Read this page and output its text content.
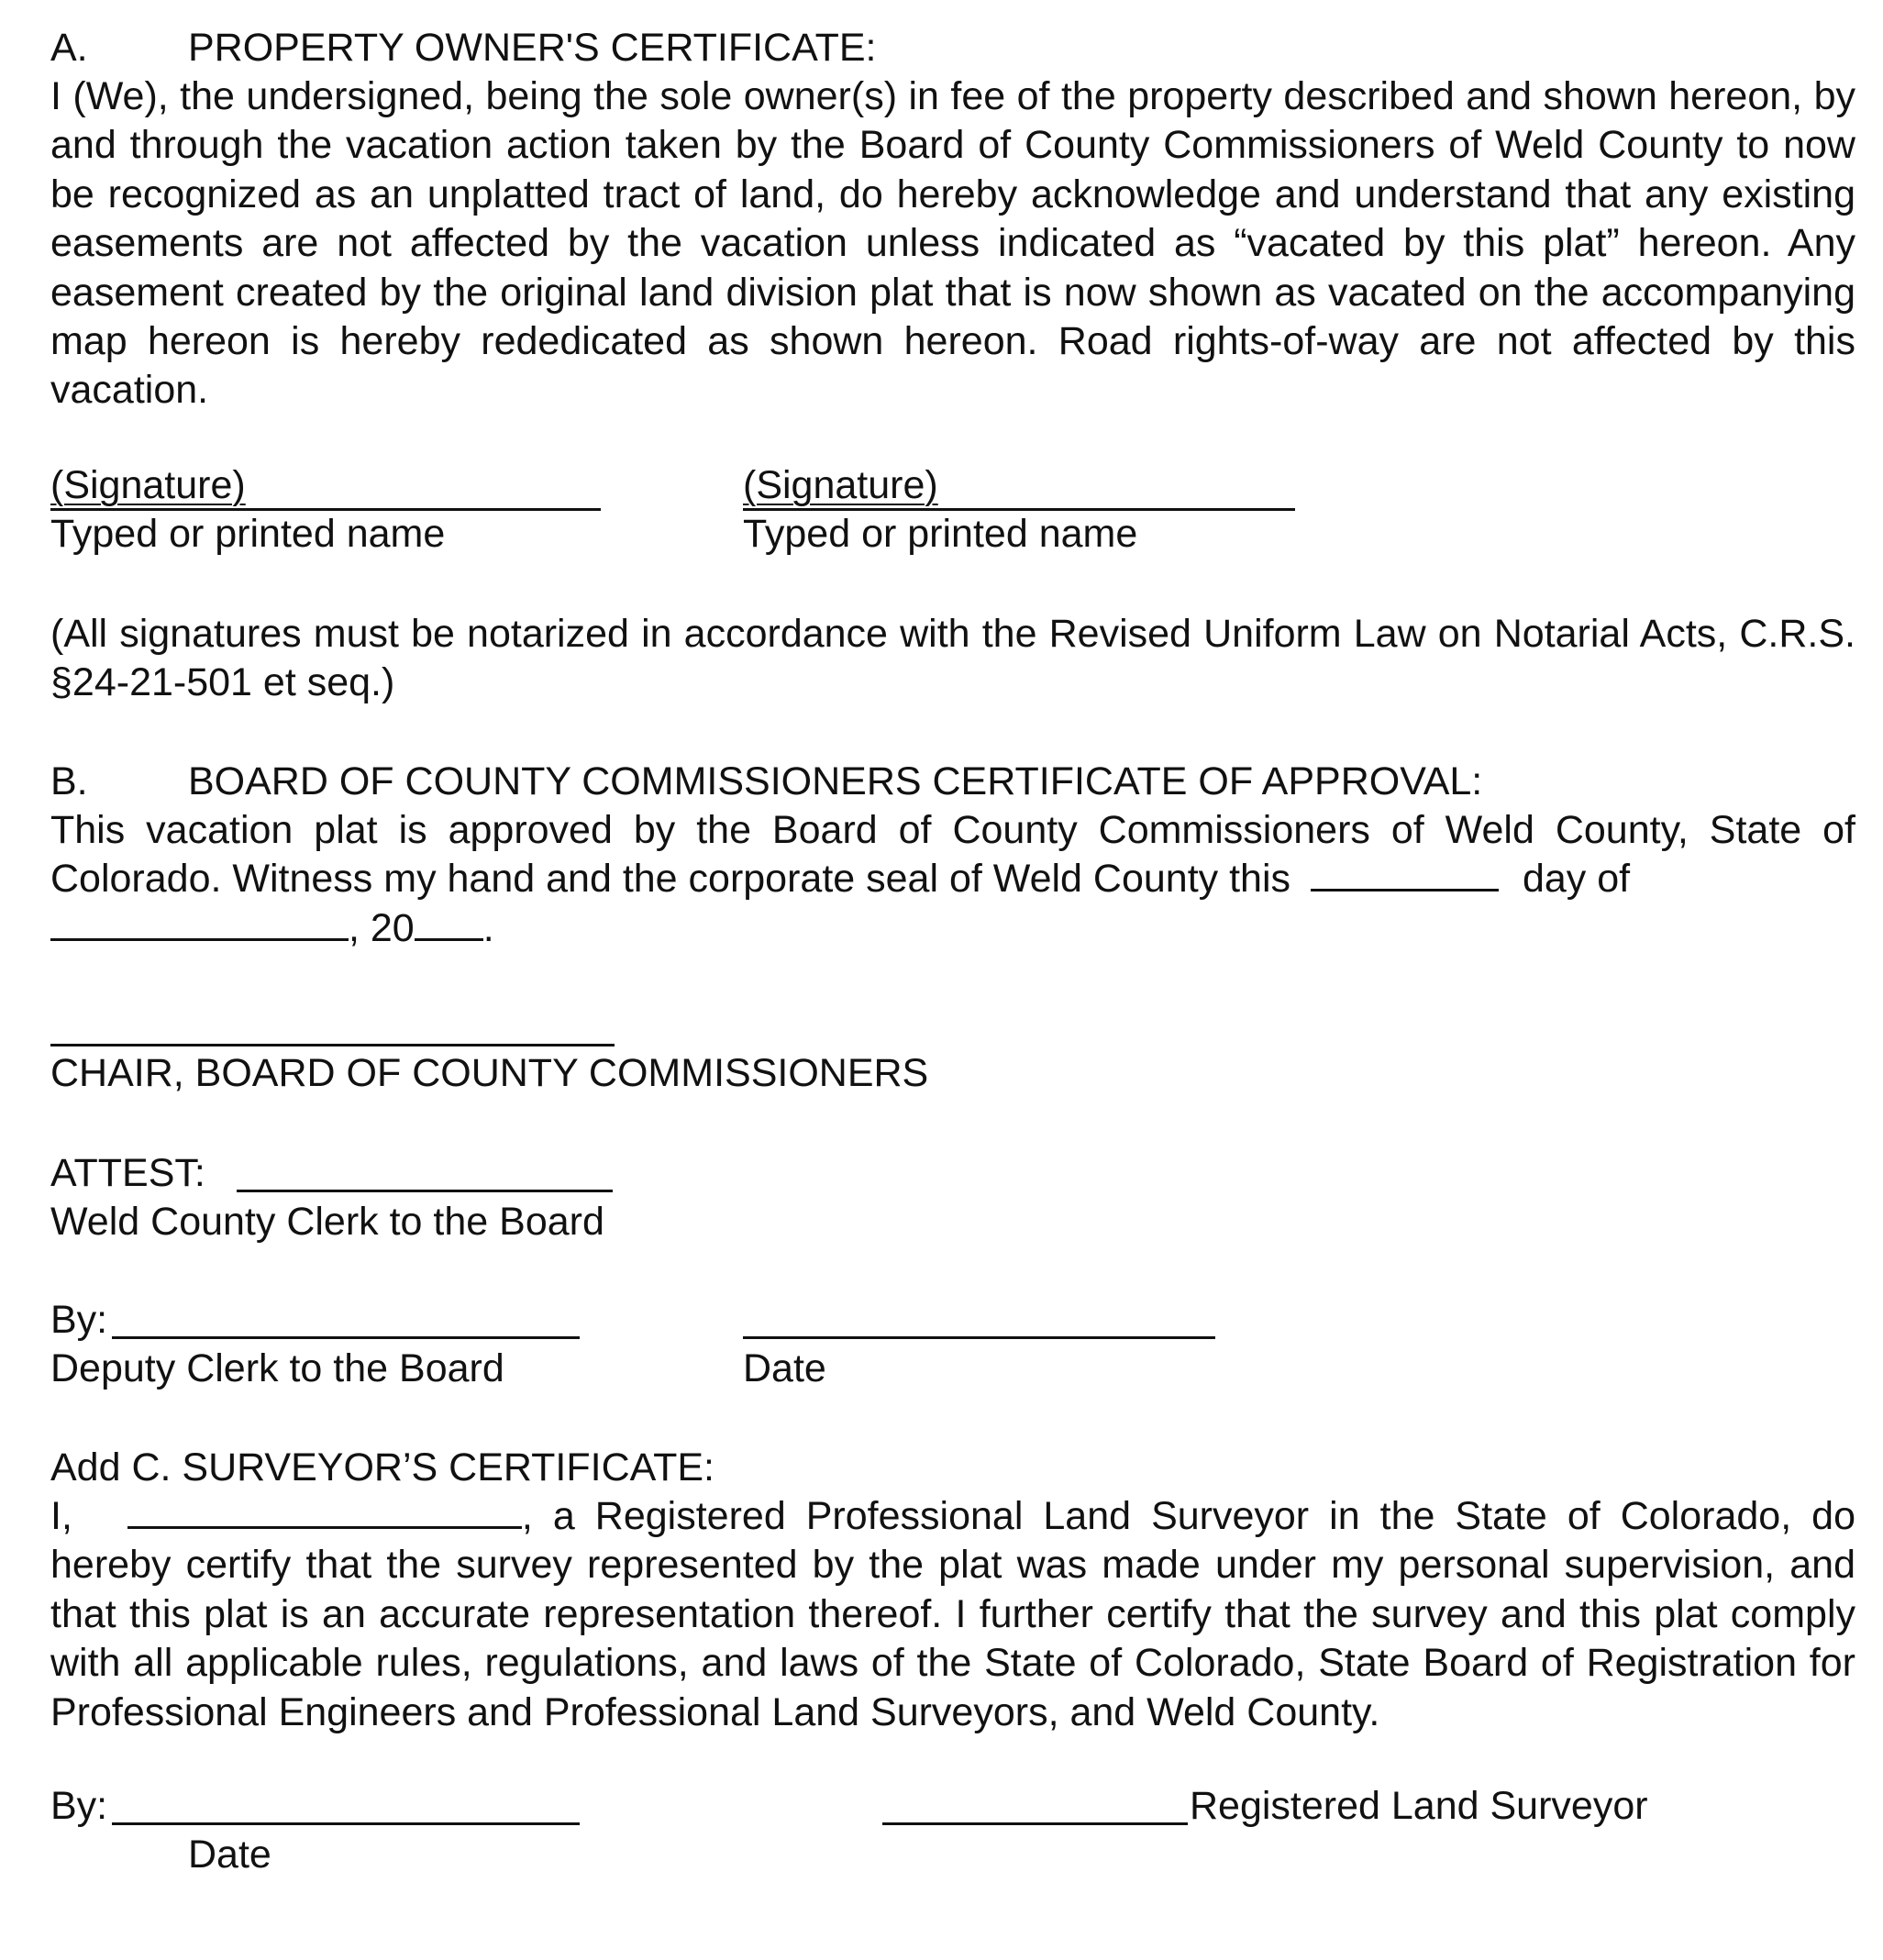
A.	PROPERTY OWNER'S CERTIFICATE:
I (We), the undersigned, being the sole owner(s) in fee of the property described and shown hereon, by and through the vacation action taken by the Board of County Commissioners of Weld County to now be recognized as an unplatted tract of land, do hereby acknowledge and understand that any existing easements are not affected by the vacation unless indicated as “vacated by this plat” hereon. Any easement created by the original land division plat that is now shown as vacated on the accompanying map hereon is hereby rededicated as shown hereon. Road rights-of-way are not affected by this vacation.
(Signature)
Typed or printed name
(Signature)
Typed or printed name
(All signatures must be notarized in accordance with the Revised Uniform Law on Notarial Acts, C.R.S. §24-21-501 et seq.)
B.	BOARD OF COUNTY COMMISSIONERS CERTIFICATE OF APPROVAL:
This vacation plat is approved by the Board of County Commissioners of Weld County, State of Colorado. Witness my hand and the corporate seal of Weld County this	day of
, 20 .
CHAIR, BOARD OF COUNTY COMMISSIONERS
ATTEST:
Weld County Clerk to the Board
By:
Deputy Clerk to the Board	Date
Add C. SURVEYOR’S CERTIFICATE:
I,	, a Registered Professional Land Surveyor in the State of Colorado, do hereby certify that the survey represented by the plat was made under my personal supervision, and that this plat is an accurate representation thereof. I further certify that the survey and this plat comply with all applicable rules, regulations, and laws of the State of Colorado, State Board of Registration for Professional Engineers and Professional Land Surveyors, and Weld County.
By:
Date
Registered Land Surveyor
